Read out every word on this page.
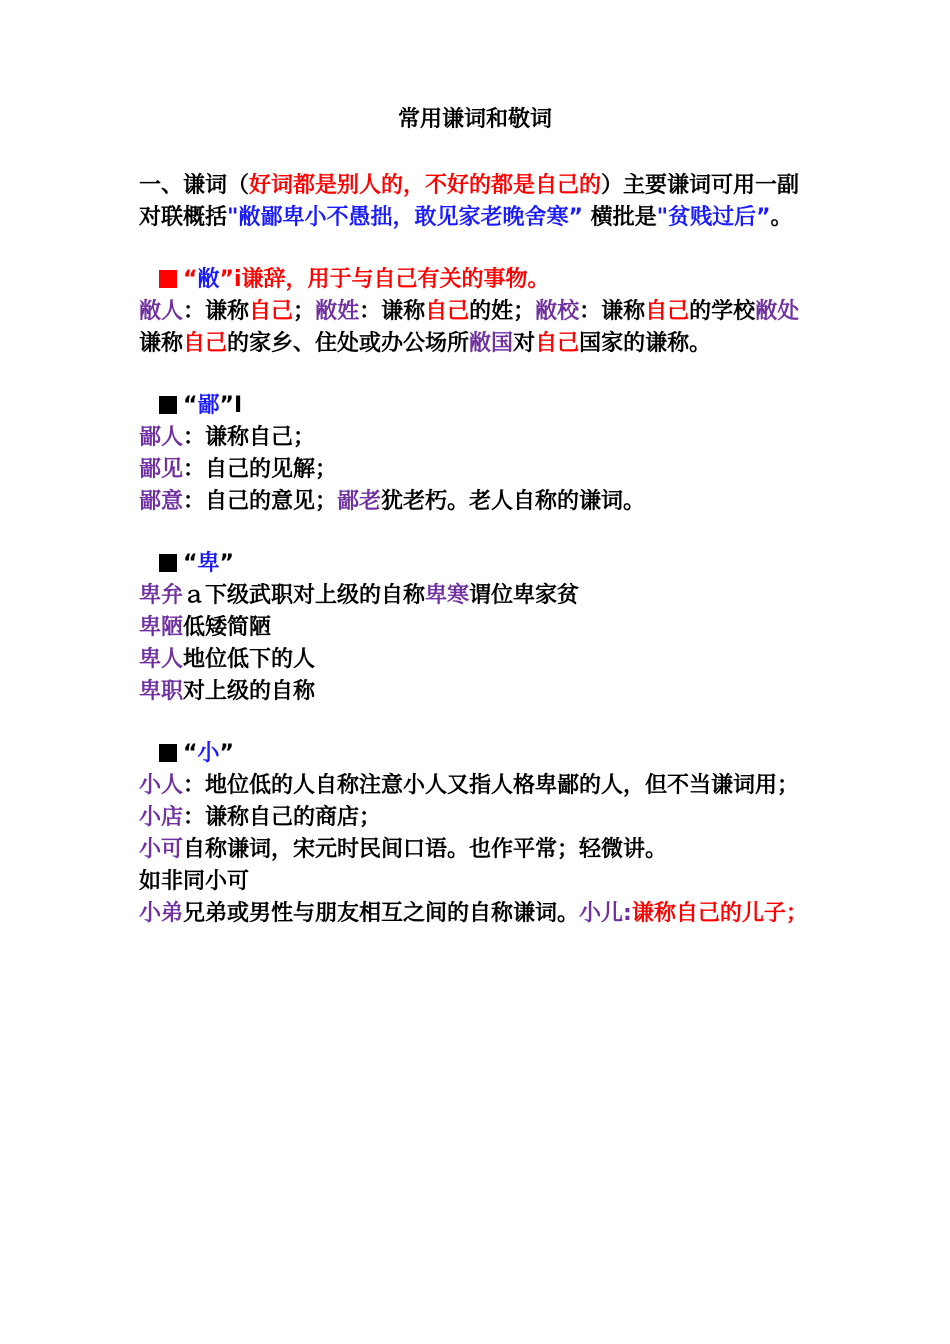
常用谦词和敬词

一、谦词（好词都是别人的，不好的都是自己的）主要谦词可用一副对联概括"敝鄙卑小不愚拙，敢见家老晚舍寒” 横批是"贫贱过后”。

“敝”ⅰ谦辞，用于与自己有关的事物。

敝人：谦称自己；敝姓：谦称自己的姓；敝校：谦称自己的学校敝处谦称自己的家乡、住处或办公场所敝国对自己国家的谦称。

“鄙”Ⅰ

鄙人：谦称自己；

鄙见：自己的见解；

鄙意：自己的意见；鄙老犹老朽。老人自称的谦词。

“卑”

卑弁ａ下级武职对上级的自称卑寒谓位卑家贫

卑陋低矮简陋

卑人地位低下的人

卑职对上级的自称

“小”

小人：地位低的人自称注意小人又指人格卑鄙的人，但不当谦词用；

小店：谦称自己的商店；

小可自称谦词，宋元时民间口语。也作平常；轻微讲。

如非同小可

小弟兄弟或男性与朋友相互之间的自称谦词。小儿:谦称自己的儿子；
